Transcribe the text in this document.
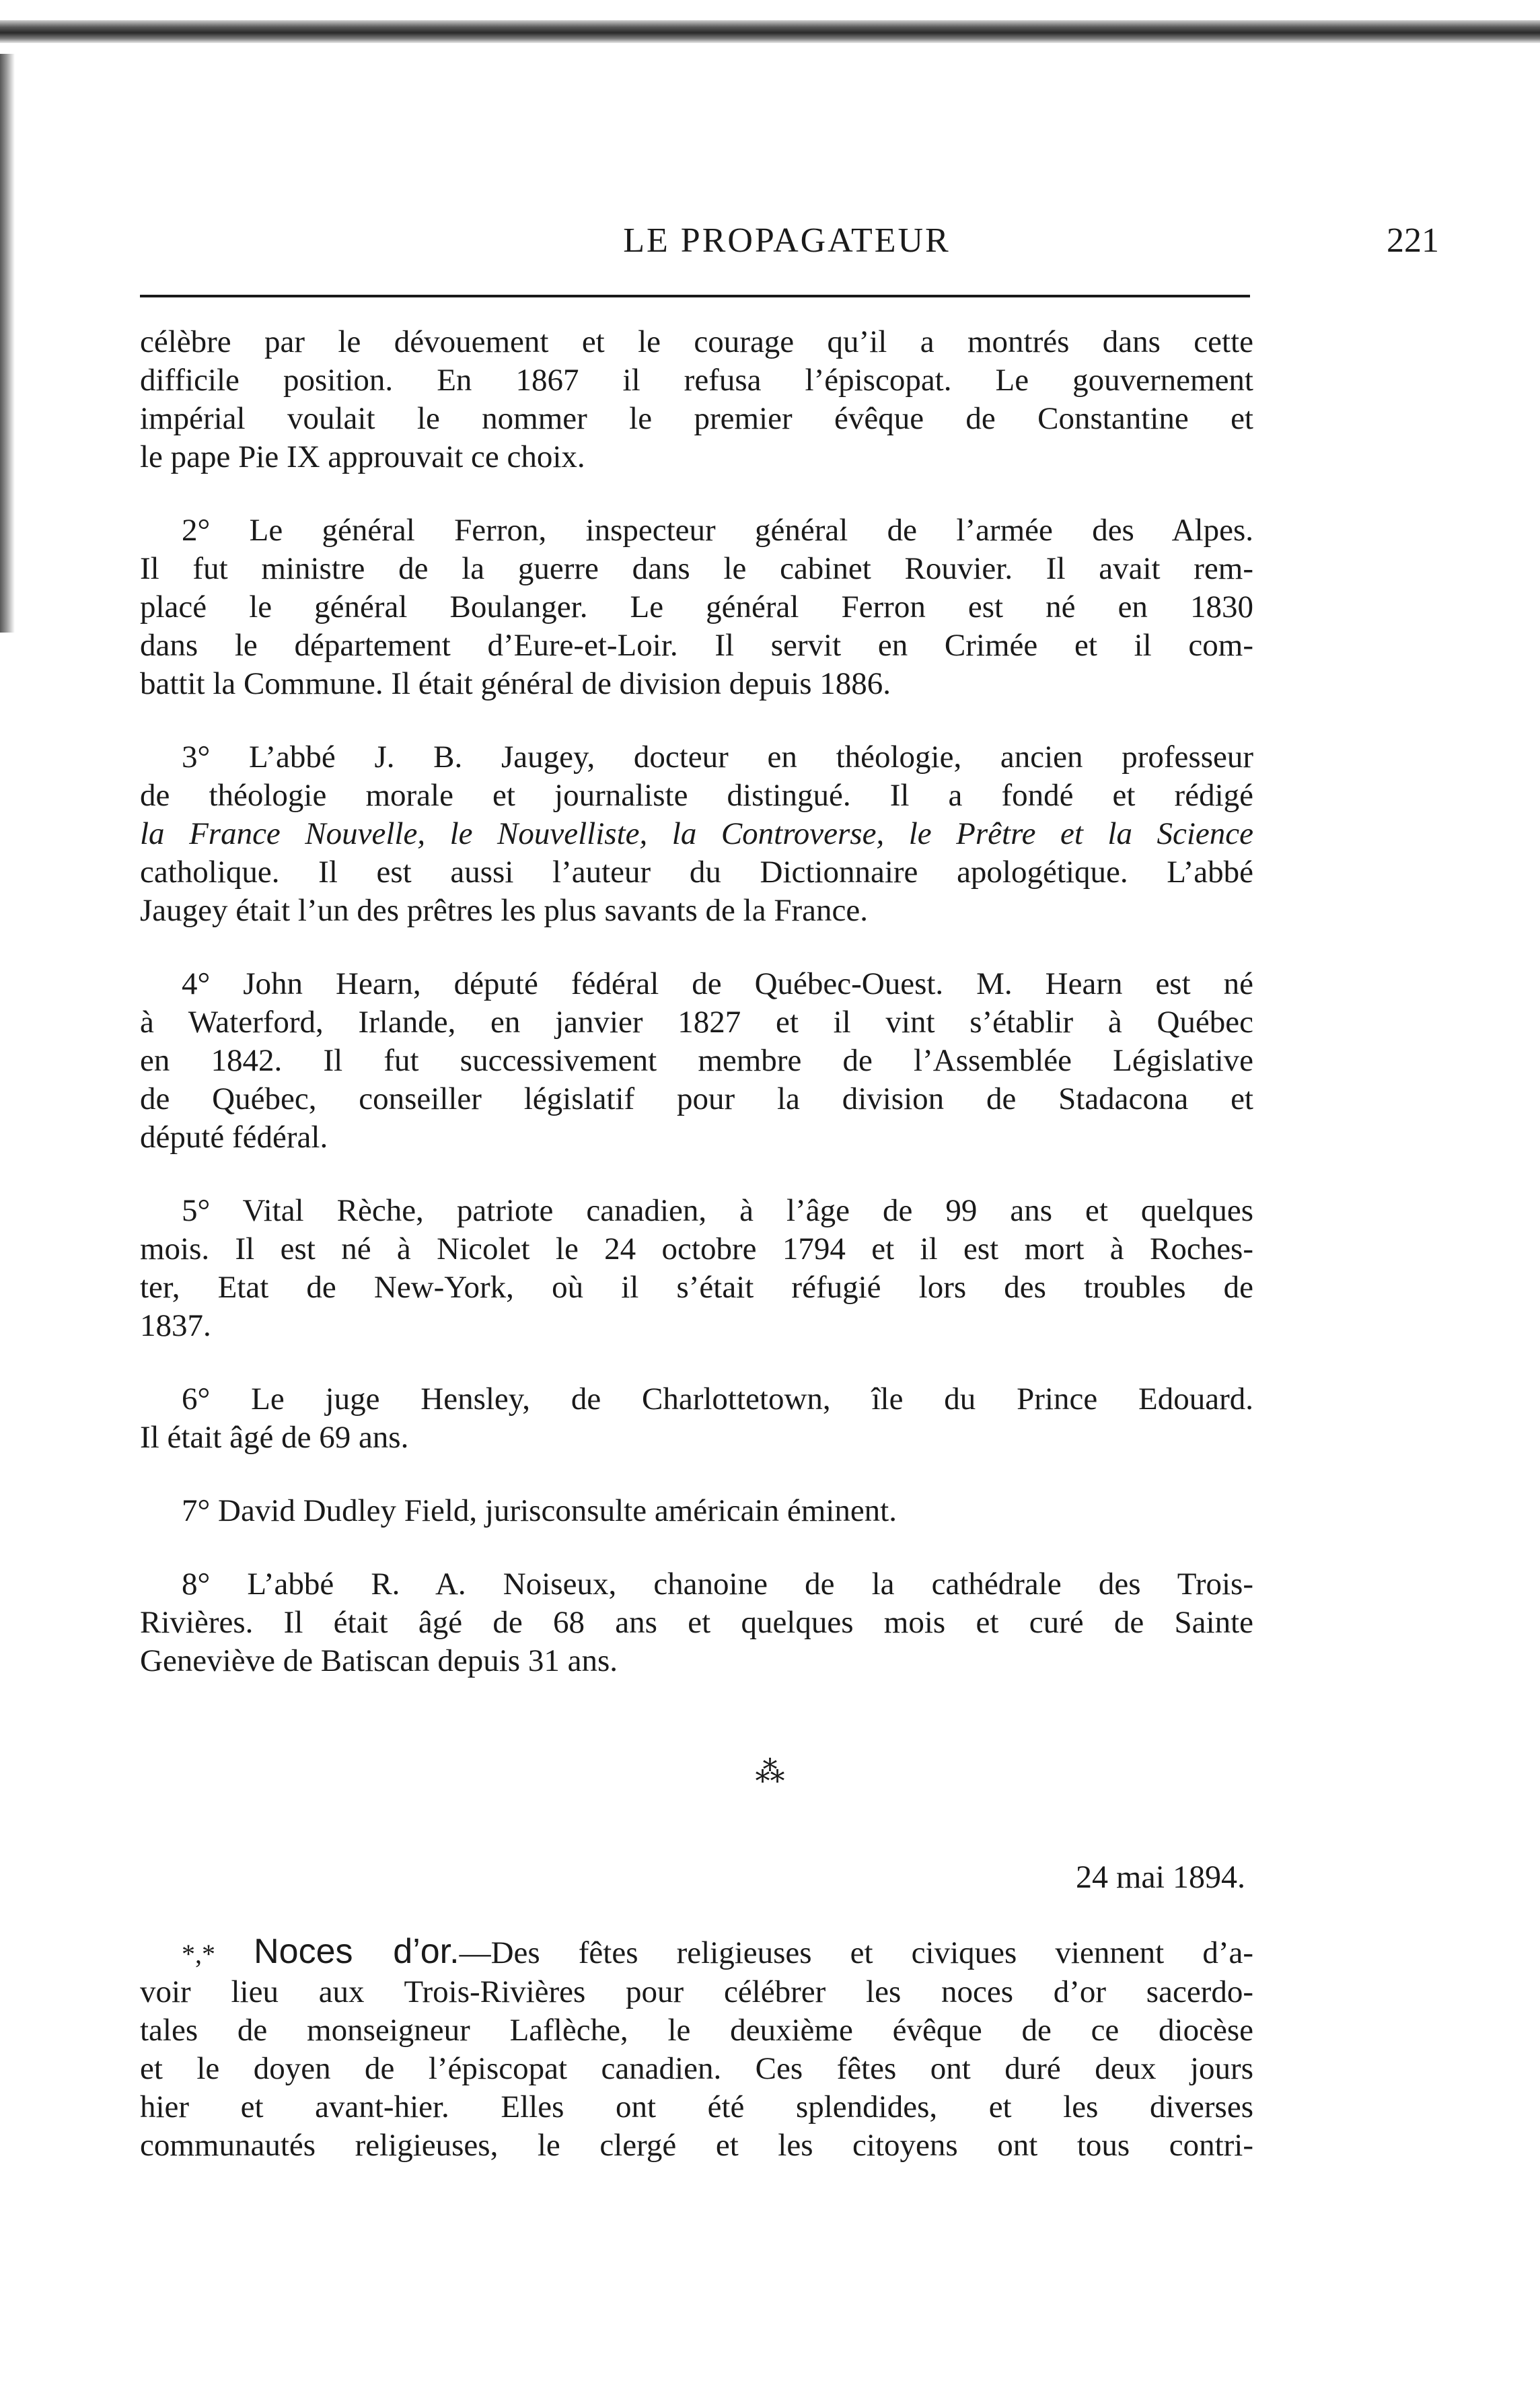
LE PROPAGATEUR	221

célèbre par le dévouement et le courage qu’il a montrés dans cette
difficile position. En 1867 il refusa l’épiscopat. Le gouvernement
impérial voulait le nommer le premier évêque de Constantine et
le pape Pie IX approuvait ce choix.

2° Le général Ferron, inspecteur général de l’armée des Alpes.
Il fut ministre de la guerre dans le cabinet Rouvier. Il avait rem-
placé le général Boulanger. Le général Ferron est né en 1830
dans le département d’Eure-et-Loir. Il servit en Crimée et il com-
battit la Commune. Il était général de division depuis 1886.

3° L’abbé J. B. Jaugey, docteur en théologie, ancien professeur
de théologie morale et journaliste distingué. Il a fondé et rédigé
la France Nouvelle, le Nouvelliste, la Controverse, le Prêtre et la Science
catholique. Il est aussi l’auteur du Dictionnaire apologétique. L’abbé
Jaugey était l’un des prêtres les plus savants de la France.

4° John Hearn, député fédéral de Québec-Ouest. M. Hearn est né
à Waterford, Irlande, en janvier 1827 et il vint s’établir à Québec
en 1842. Il fut successivement membre de l’Assemblée Législative
de Québec, conseiller législatif pour la division de Stadacona et
député fédéral.

5° Vital Rèche, patriote canadien, à l’âge de 99 ans et quelques
mois. Il est né à Nicolet le 24 octobre 1794 et il est mort à Roches-
ter, Etat de New-York, où il s’était réfugié lors des troubles de
1837.

6° Le juge Hensley, de Charlottetown, île du Prince Edouard.
Il était âgé de 69 ans.

7° David Dudley Field, jurisconsulte américain éminent.

8° L’abbé R. A. Noiseux, chanoine de la cathédrale des Trois-
Rivières. Il était âgé de 68 ans et quelques mois et curé de Sainte
Geneviève de Batiscan depuis 31 ans.

⁂
24 mai 1894.
*,* Noces d’or.—Des fêtes religieuses et civiques viennent d’a-
voir lieu aux Trois-Rivières pour célébrer les noces d’or sacerdo-
tales de monseigneur Laflèche, le deuxième évêque de ce diocèse
et le doyen de l’épiscopat canadien. Ces fêtes ont duré deux jours
hier et avant-hier. Elles ont été splendides, et les diverses
communautés religieuses, le clergé et les citoyens ont tous contri-
